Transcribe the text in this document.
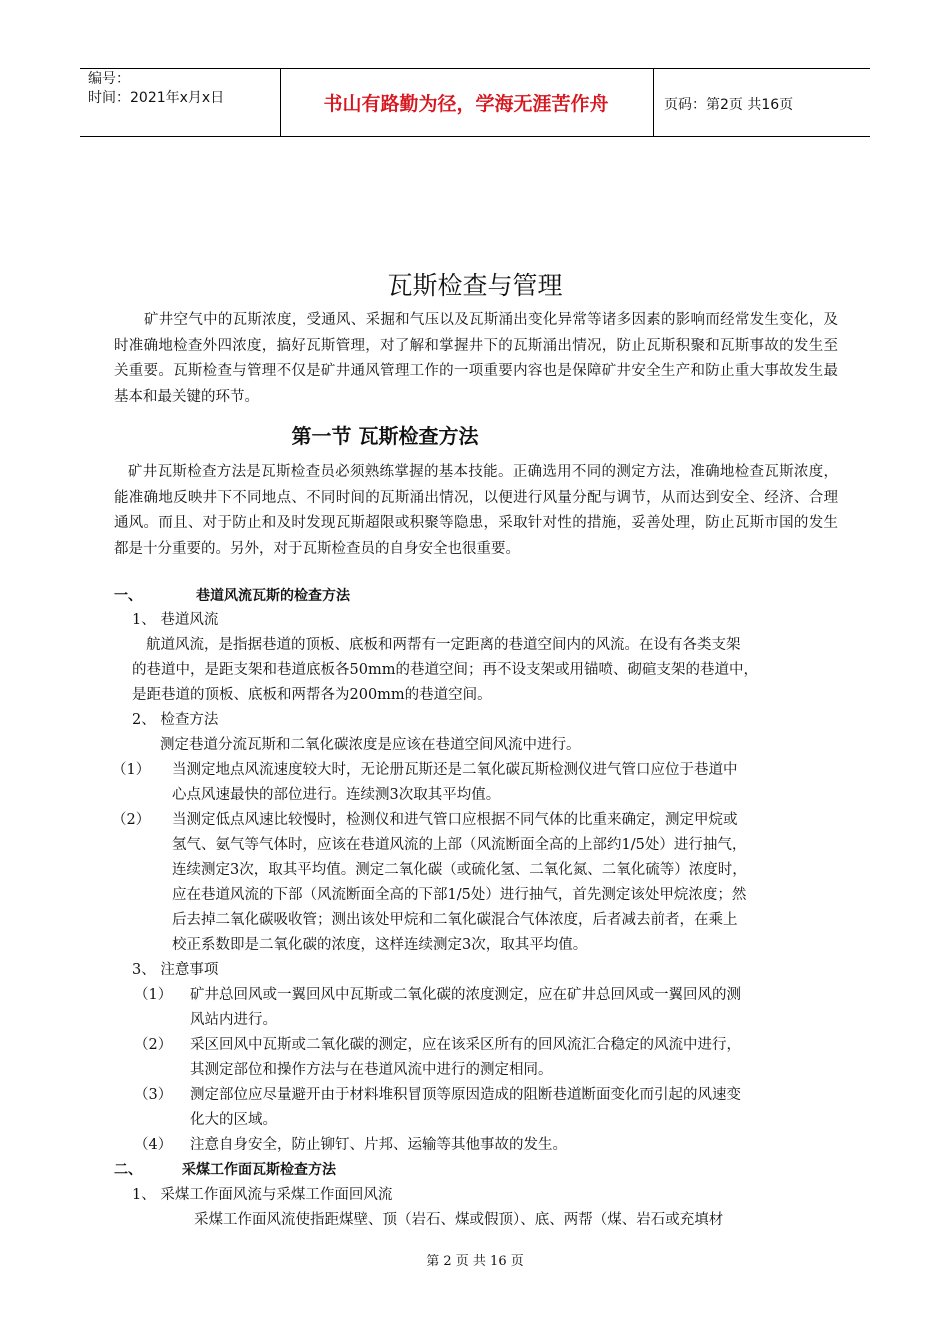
编号：
时间：2021年x月x日	书山有路勤为径，学海无涯苦作舟	页码：第2页 共16页
瓦斯检查与管理
矿井空气中的瓦斯浓度，受通风、采掘和气压以及瓦斯涌出变化异常等诸多因素的影响而经常发生变化，及时准确地检查外四浓度，搞好瓦斯管理，对了解和掌握井下的瓦斯涌出情况，防止瓦斯积聚和瓦斯事故的发生至关重要。瓦斯检查与管理不仅是矿井通风管理工作的一项重要内容也是保障矿井安全生产和防止重大事故发生最基本和最关键的环节。
第一节 瓦斯检查方法
矿井瓦斯检查方法是瓦斯检查员必须熟练掌握的基本技能。正确选用不同的测定方法，准确地检查瓦斯浓度，能准确地反映井下不同地点、不同时间的瓦斯涌出情况，以便进行风量分配与调节，从而达到安全、经济、合理通风。而且、对于防止和及时发现瓦斯超限或积聚等隐患，采取针对性的措施，妥善处理，防止瓦斯市国的发生都是十分重要的。另外，对于瓦斯检查员的自身安全也很重要。
一、	巷道风流瓦斯的检查方法
1、 巷道风流
航道风流，是指据巷道的顶板、底板和两帮有一定距离的巷道空间内的风流。在设有各类支架
的巷道中，是距支架和巷道底板各50mm的巷道空间；再不设支架或用锚喷、砌碹支架的巷道中，
是距巷道的顶板、底板和两帮各为200mm的巷道空间。
2、 检查方法
测定巷道分流瓦斯和二氧化碳浓度是应该在巷道空间风流中进行。
（1） 当测定地点风流速度较大时，无论册瓦斯还是二氧化碳瓦斯检测仪进气管口应位于巷道中
心点风速最快的部位进行。连续测3次取其平均值。
（2） 当测定低点风速比较慢时，检测仪和进气管口应根据不同气体的比重来确定，测定甲烷或
氢气、氨气等气体时，应该在巷道风流的上部（风流断面全高的上部约1/5处）进行抽气，
连续测定3次，取其平均值。测定二氧化碳（或硫化氢、二氧化氮、二氧化硫等）浓度时，
应在巷道风流的下部（风流断面全高的下部1/5处）进行抽气，首先测定该处甲烷浓度；然
后去掉二氧化碳吸收管；测出该处甲烷和二氧化碳混合气体浓度，后者减去前者，在乘上
校正系数即是二氧化碳的浓度，这样连续测定3次，取其平均值。
3、 注意事项
（1） 矿井总回风或一翼回风中瓦斯或二氧化碳的浓度测定，应在矿井总回风或一翼回风的测
风站内进行。
（2） 采区回风中瓦斯或二氧化碳的测定，应在该采区所有的回风流汇合稳定的风流中进行，
其测定部位和操作方法与在巷道风流中进行的测定相同。
（3） 测定部位应尽量避开由于材料堆积冒顶等原因造成的阻断巷道断面变化而引起的风速变
化大的区域。
（4） 注意自身安全，防止铆钉、片邦、运输等其他事故的发生。
二、	采煤工作面瓦斯检查方法
1、 采煤工作面风流与采煤工作面回风流
采煤工作面风流使指距煤壁、顶（岩石、煤或假顶）、底、两帮（煤、岩石或充填材
第 2 页 共 16 页
